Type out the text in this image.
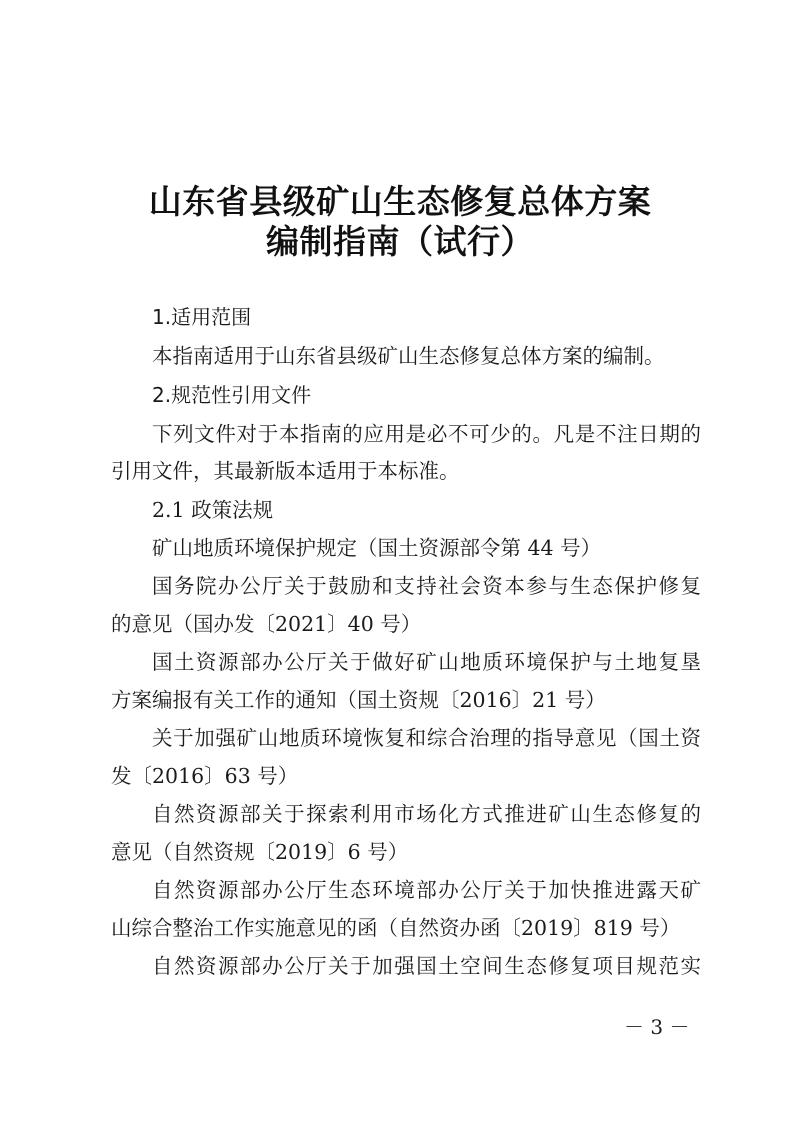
山东省县级矿山生态修复总体方案
编制指南（试行）
1.适用范围
本指南适用于山东省县级矿山生态修复总体方案的编制。
2.规范性引用文件
下列文件对于本指南的应用是必不可少的。凡是不注日期的
引用文件，其最新版本适用于本标准。
2.1 政策法规
矿山地质环境保护规定（国土资源部令第 44 号）
国务院办公厅关于鼓励和支持社会资本参与生态保护修复
的意见（国办发〔2021〕40 号）
国土资源部办公厅关于做好矿山地质环境保护与土地复垦
方案编报有关工作的通知（国土资规〔2016〕21 号）
关于加强矿山地质环境恢复和综合治理的指导意见（国土资
发〔2016〕63 号）
自然资源部关于探索利用市场化方式推进矿山生态修复的
意见（自然资规〔2019〕6 号）
自然资源部办公厅生态环境部办公厅关于加快推进露天矿
山综合整治工作实施意见的函（自然资办函〔2019〕819 号）
自然资源部办公厅关于加强国土空间生态修复项目规范实
－ 3 －
